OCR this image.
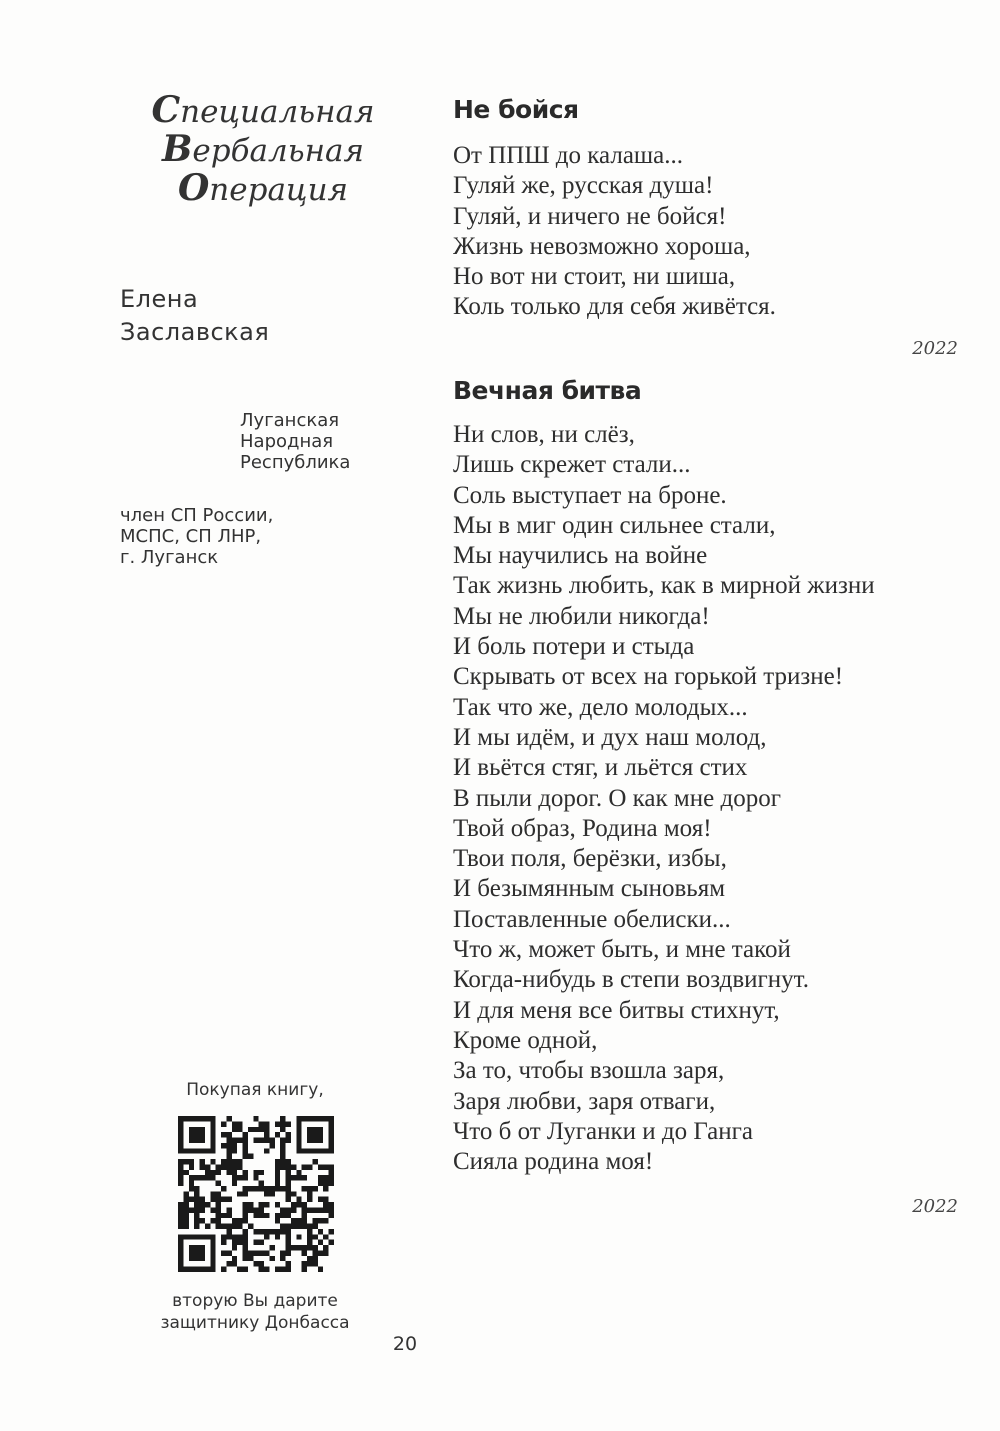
Специальная
Вербальная
Операция
Елена
Заславская
Луганская
Народная
Республика
член СП России,
МСПС, СП ЛНР,
г. Луганск
Покупая книгу,
вторую Вы дарите
защитнику Донбасса
20
Не бойся
От ППШ до калаша...
Гуляй же, русская душа!
Гуляй, и ничего не бойся!
Жизнь невозможно хороша,
Но вот ни стоит, ни шиша,
Коль только для себя живётся.
2022
Вечная битва
Ни слов, ни слёз,
Лишь скрежет стали...
Соль выступает на броне.
Мы в миг один сильнее стали,
Мы научились на войне
Так жизнь любить, как в мирной жизни
Мы не любили никогда!
И боль потери и стыда
Скрывать от всех на горькой тризне!
Так что же, дело молодых...
И мы идём, и дух наш молод,
И вьётся стяг, и льётся стих
В пыли дорог. О как мне дорог
Твой образ, Родина моя!
Твои поля, берёзки, избы,
И безымянным сыновьям
Поставленные обелиски...
Что ж, может быть, и мне такой
Когда-нибудь в степи воздвигнут.
И для меня все битвы стихнут,
Кроме одной,
За то, чтобы взошла заря,
Заря любви, заря отваги,
Что б от Луганки и до Ганга
Сияла родина моя!
2022
